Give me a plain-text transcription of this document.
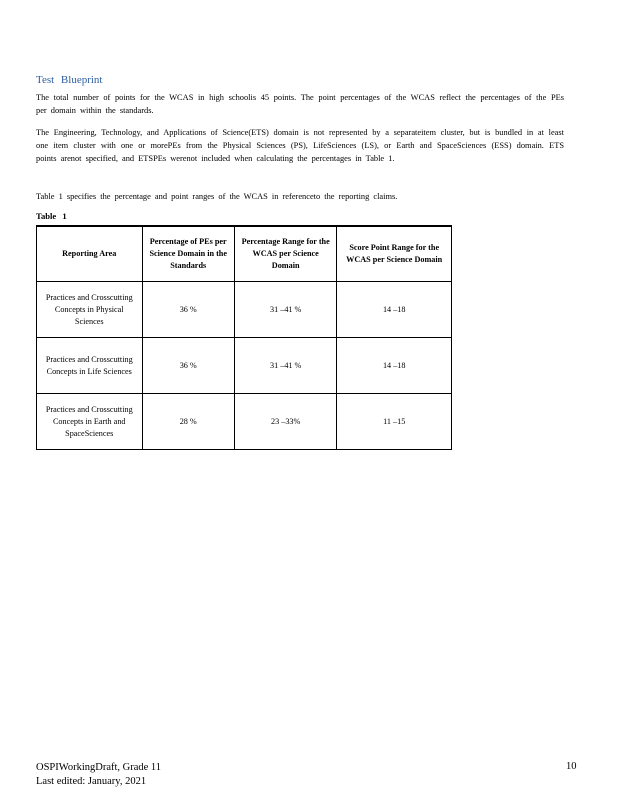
Test Blueprint
The total number of points for the WCAS in high schoolis 45 points. The point percentages of the WCAS reflect the percentages of the PEs per domain within the standards.
The Engineering, Technology, and Applications of Science(ETS) domain is not represented by a separateitem cluster, but is bundled in at least one item cluster with one or morePEs from the Physical Sciences (PS), LifeSciences (LS), or Earth and SpaceSciences (ESS) domain. ETS points arenot specified, and ETSPEs werenot included when calculating the percentages in Table 1.
Table 1 specifies the percentage and point ranges of the WCAS in referenceto the reporting claims.
Table 1
Reporting Area	Percentage of PEs per Science Domain in the Standards	Percentage Range for the WCAS per Science Domain	Score Point Range for the WCAS per Science Domain
Practices and Crosscutting Concepts in Physical Sciences	36 %	31 –41 %	14 –18
Practices and Crosscutting Concepts in Life Sciences	36 %	31 –41 %	14 –18
Practices and Crosscutting Concepts in Earth and SpaceSciences	28 %	23 –33%	11 –15
OSPIWorkingDraft, Grade 11
Last edited: January, 2021
10
